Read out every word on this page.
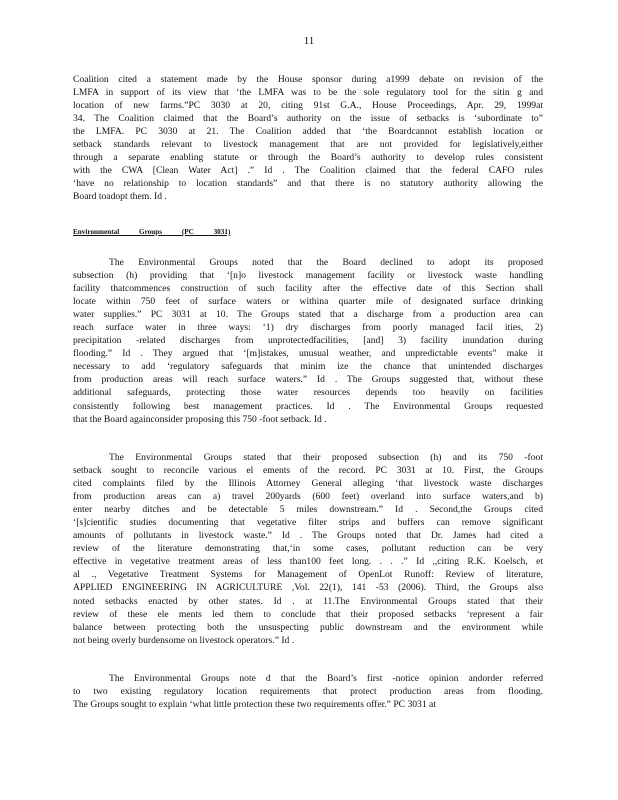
11
Coalition cited a statement made by the House sponsor during a1999 debate on revision of the
LMFA in support of its view that ‘the LMFA was to be the sole regulatory tool for the sitin g and
location of new farms.”PC 3030 at 20, citing 91st G.A., House Proceedings, Apr. 29, 1999at
34. The Coalition claimed that the Board’s authority on the issue of setbacks is ‘subordinate to”
the LMFA. PC 3030 at 21. The Coalition added that ‘the Boardcannot establish location or
setback standards relevant to livestock management that are not provided for legislatively,either
through a separate enabling statute or through the Board’s authority to develop rules consistent
with the CWA [Clean Water Act] .” Id . The Coalition claimed that the federal CAFO rules
‘have no relationship to location standards” and that there is no statutory authority allowing the
Board toadopt them. Id .
Environmental Groups (PC 3031)
The Environmental Groups noted that the Board declined to adopt its proposed
subsection (h) providing that ‘[n]o livestock management facility or livestock waste handling
facility thatcommences construction of such facility after the effective date of this Section shall
locate within 750 feet of surface waters or withina quarter mile of designated surface drinking
water supplies.” PC 3031 at 10. The Groups stated that a discharge from a production area can
reach surface water in three ways: ‘1) dry discharges from poorly managed facil ities, 2)
precipitation -related discharges from unprotectedfacilities, [and] 3) facility inundation during
flooding.” Id . They argued that ‘[m]istakes, unusual weather, and unpredictable events” make it
necessary to add ‘regulatory safeguards that minim ize the chance that unintended discharges
from production areas will reach surface waters.” Id . The Groups suggested that, without these
additional safeguards, protecting those water resources depends too heavily on facilities
consistently following best management practices. Id . The Environmental Groups requested
that the Board againconsider proposing this 750 -foot setback. Id .
The Environmental Groups stated that their proposed subsection (h) and its 750 -foot
setback sought to reconcile various el ements of the record. PC 3031 at 10. First, the Groups
cited complaints filed by the Illinois Attorney General alleging ‘that livestock waste discharges
from production areas can a) travel 200yards (600 feet) overland into surface waters,and b)
enter nearby ditches and be detectable 5 miles downstream.” Id . Second,the Groups cited
‘[s]cientific studies documenting that vegetative filter strips and buffers can remove significant
amounts of pollutants in livestock waste.” Id . The Groups noted that Dr. James had cited a
review of the literature demonstrating that,‘in some cases, pollutant reduction can be very
effective in vegetative treatment areas of less than100 feet long. . . .” Id ,,citing R.K. Koelsch, et
al ., Vegetative Treatment Systems for Management of OpenLot Runoff: Review of literature,
APPLIED ENGINEERING IN AGRICULTURE ,Vol. 22(1), 141 -53 (2006). Third, the Groups also
noted setbacks enacted by other states. Id . at 11.The Environmental Groups stated that their
review of these ele ments led them to conclude that their proposed setbacks ‘represent a fair
balance between protecting both the unsuspecting public downstream and the environment while
not being overly burdensome on livestock operators.” Id .
The Environmental Groups note d that the Board’s first -notice opinion andorder referred
to two existing regulatory location requirements that protect production areas from flooding.
The Groups sought to explain ‘what little protection these two requirements offer.” PC 3031 at
